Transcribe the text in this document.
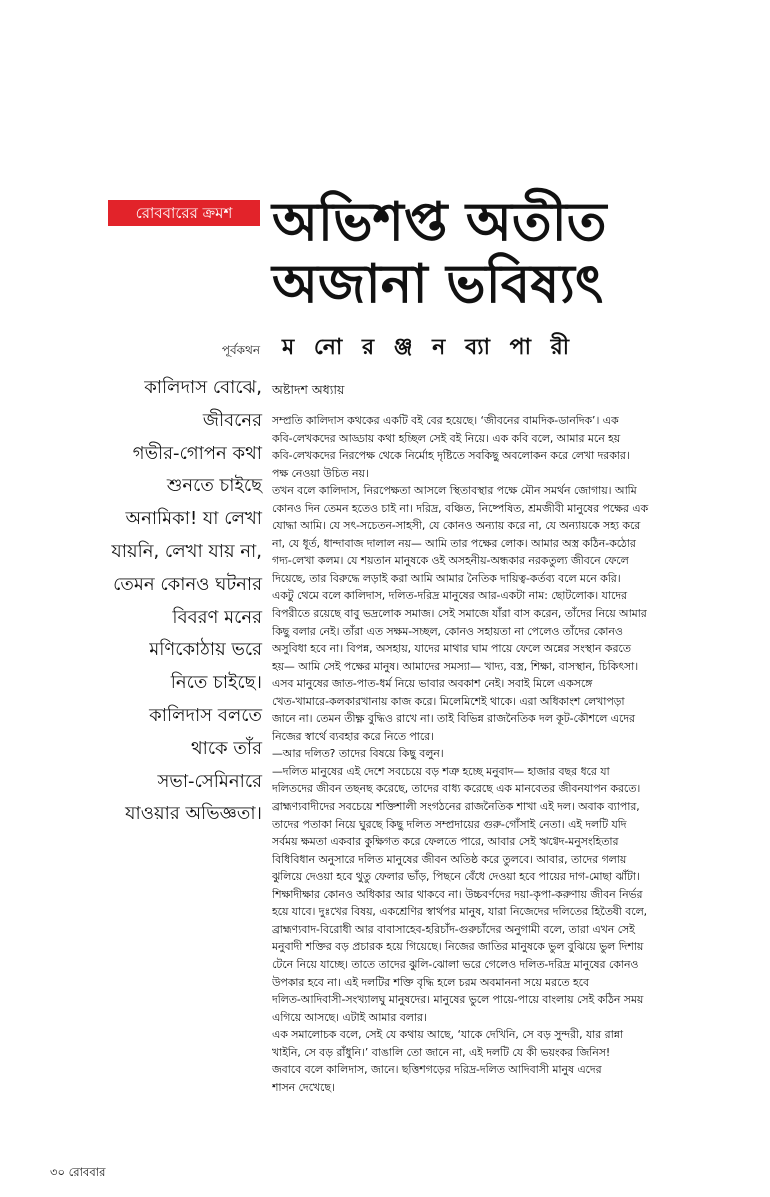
রোববারের ক্রমশ অভিশপ্ত অতীত
অজানা ভবিষ্যৎ
পূর্বকথন ম নো র ঞ্জ ন ব্যা পা রী
কালিদাস বোঝে,
জীবনের
গভীর-গোপন কথা
শুনতে চাইছে
অনামিকা! যা লেখা
যায়নি, লেখা যায় না,
তেমন কোনও ঘটনার
বিবরণ মনের
মণিকোঠায় ভরে
নিতে চাইছে।
কালিদাস বলতে
থাকে তাঁর
সভা-সেমিনারে
যাওয়ার অভিজ্ঞতা।
অষ্টাদশ অধ্যায়
সম্প্রতি কালিদাস কথকের একটি বই বের হয়েছে। ‘জীবনের বামদিক-ডানদিক’। এক
কবি-লেখকদের আড্ডায় কথা হচ্ছিল সেই বই নিয়ে। এক কবি বলে, আমার মনে হয়
কবি-লেখকদের নিরপেক্ষ থেকে নির্মোহ দৃষ্টিতে সবকিছু অবলোকন করে লেখা দরকার।
পক্ষ নেওয়া উচিত নয়।
তখন বলে কালিদাস, নিরপেক্ষতা আসলে স্থিতাবস্থার পক্ষে মৌন সমর্থন জোগায়। আমি
কোনও দিন তেমন হতেও চাই না। দরিদ্র, বঞ্চিত, নিষ্পেষিত, শ্রমজীবী মানুষের পক্ষের এক
যোদ্ধা আমি। যে সৎ-সচেতন-সাহসী, যে কোনও অন্যায় করে না, যে অন্যায়কে সহ্য করে
না, যে ধূর্ত, ধান্দাবাজ দালাল নয়— আমি তার পক্ষের লোক। আমার অস্ত্র কঠিন-কঠোর
গদ্য-লেখা কলম। যে শয়তান মানুষকে ওই অসহনীয়-অন্ধকার নরকতুল্য জীবনে ফেলে
দিয়েছে, তার বিরুদ্ধে লড়াই করা আমি আমার নৈতিক দায়িত্ব-কর্তব্য বলে মনে করি।
একটু থেমে বলে কালিদাস, দলিত-দরিদ্র মানুষের আর-একটা নাম: ছোটলোক। যাদের
বিপরীতে রয়েছে বাবু ভদ্রলোক সমাজ। সেই সমাজে যাঁরা বাস করেন, তাঁদের নিয়ে আমার
কিছু বলার নেই। তাঁরা এত সক্ষম-সচ্ছল, কোনও সহায়তা না পেলেও তাঁদের কোনও
অসুবিধা হবে না। বিপন্ন, অসহায়, যাদের মাথার ঘাম পায়ে ফেলে অন্নের সংস্থান করতে
হয়— আমি সেই পক্ষের মানুষ। আমাদের সমস্যা— খাদ্য, বস্ত্র, শিক্ষা, বাসস্থান, চিকিৎসা।
এসব মানুষের জাত-পাত-ধর্ম নিয়ে ভাবার অবকাশ নেই। সবাই মিলে একসঙ্গে
খেত-খামারে-কলকারখানায় কাজ করে। মিলেমিশেই থাকে। এরা অধিকাংশ লেখাপড়া
জানে না। তেমন তীক্ষ্ণ বুদ্ধিও রাখে না। তাই বিভিন্ন রাজনৈতিক দল কূট-কৌশলে এদের
নিজের স্বার্থে ব্যবহার করে নিতে পারে।
—আর দলিত? তাদের বিষয়ে কিছু বলুন।
—দলিত মানুষের এই দেশে সবচেয়ে বড় শত্রু হচ্ছে মনুবাদ— হাজার বছর ধরে যা
দলিতদের জীবন তছনছ করেছে, তাদের বাধ্য করেছে এক মানবেতর জীবনযাপন করতে।
ব্রাহ্মণ্যবাদীদের সবচেয়ে শক্তিশালী সংগঠনের রাজনৈতিক শাখা এই দল। অবাক ব্যাপার,
তাদের পতাকা নিয়ে ঘুরছে কিছু দলিত সম্প্রদায়ের গুরু-গোঁসাই নেতা। এই দলটি যদি
সর্বময় ক্ষমতা একবার কুক্ষিগত করে ফেলতে পারে, আবার সেই ঋগ্বেদ-মনুসংহিতার
বিধিবিধান অনুসারে দলিত মানুষের জীবন অতিষ্ঠ করে তুলবে। আবার, তাদের গলায়
ঝুলিয়ে দেওয়া হবে থুতু ফেলার ভাঁড়, পিছনে বেঁধে দেওয়া হবে পায়ের দাগ-মোছা ঝাঁটা।
শিক্ষাদীক্ষার কোনও অধিকার আর থাকবে না। উচ্চবর্ণদের দয়া-কৃপা-করুণায় জীবন নির্ভর
হয়ে যাবে। দুঃখের বিষয়, একশ্রেণির স্বার্থপর মানুষ, যারা নিজেদের দলিতের হিতৈষী বলে,
ব্রাহ্মণ্যবাদ-বিরোধী আর বাবাসাহেব-হরিচাঁদ-গুরুচাঁদের অনুগামী বলে, তারা এখন সেই
মনুবাদী শক্তির বড় প্রচারক হয়ে গিয়েছে। নিজের জাতির মানুষকে ভুল বুঝিয়ে ভুল দিশায়
টেনে নিয়ে যাচ্ছে। তাতে তাদের ঝুলি-ঝোলা ভরে গেলেও দলিত-দরিদ্র মানুষের কোনও
উপকার হবে না। এই দলটির শক্তি বৃদ্ধি হলে চরম অবমাননা সয়ে মরতে হবে
দলিত-আদিবাসী-সংখ্যালঘু মানুষদের। মানুষের ভুলে পায়ে-পায়ে বাংলায় সেই কঠিন সময়
এগিয়ে আসছে। এটাই আমার বলার।
এক সমালোচক বলে, সেই যে কথায় আছে, ‘যাকে দেখিনি, সে বড় সুন্দরী, যার রান্না
খাইনি, সে বড় রাঁধুনি।’ বাঙালি তো জানে না, এই দলটি যে কী ভয়ংকর জিনিস!
জবাবে বলে কালিদাস, জানে। ছত্তিশগড়ের দরিদ্র-দলিত আদিবাসী মানুষ এদের
শাসন দেখেছে।
৩০ রোববার
